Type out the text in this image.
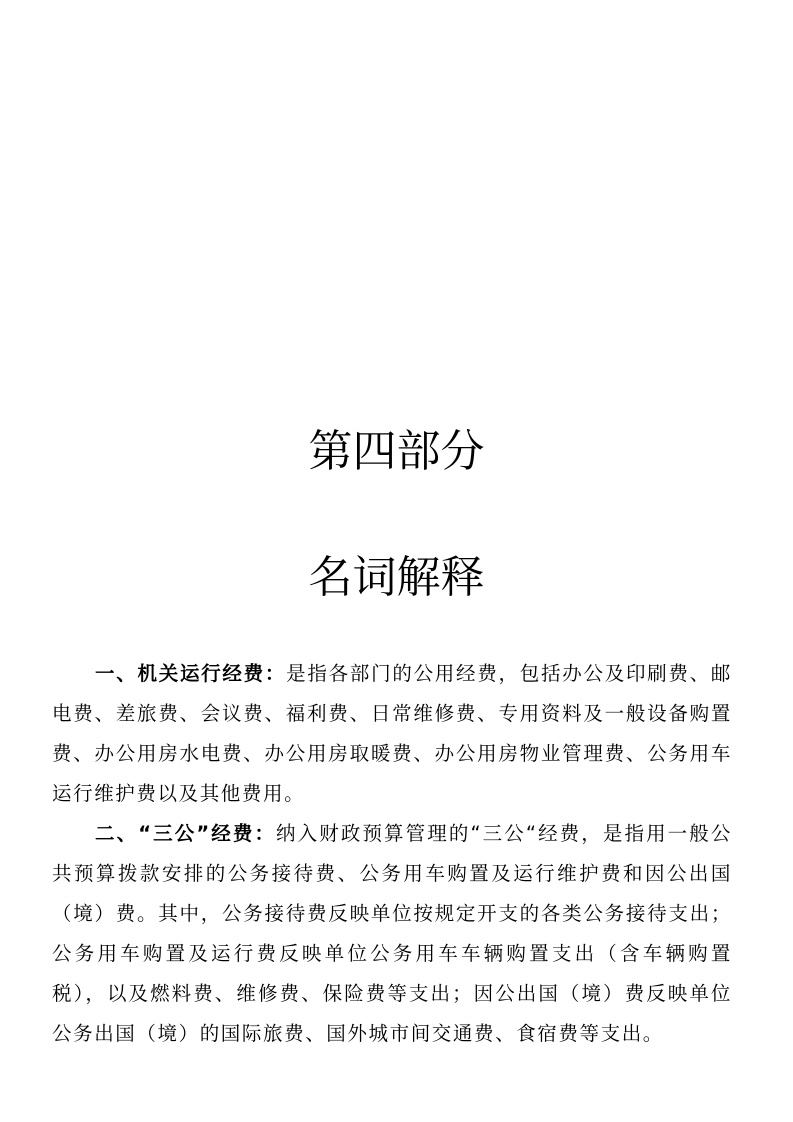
第四部分
名词解释

一、机关运行经费：是指各部门的公用经费，包括办公及印刷费、邮电费、差旅费、会议费、福利费、日常维修费、专用资料及一般设备购置费、办公用房水电费、办公用房取暖费、办公用房物业管理费、公务用车运行维护费以及其他费用。

二、“三公”经费：纳入财政预算管理的“三公“经费，是指用一般公共预算拨款安排的公务接待费、公务用车购置及运行维护费和因公出国（境）费。其中，公务接待费反映单位按规定开支的各类公务接待支出；公务用车购置及运行费反映单位公务用车车辆购置支出（含车辆购置税），以及燃料费、维修费、保险费等支出；因公出国（境）费反映单位公务出国（境）的国际旅费、国外城市间交通费、食宿费等支出。
